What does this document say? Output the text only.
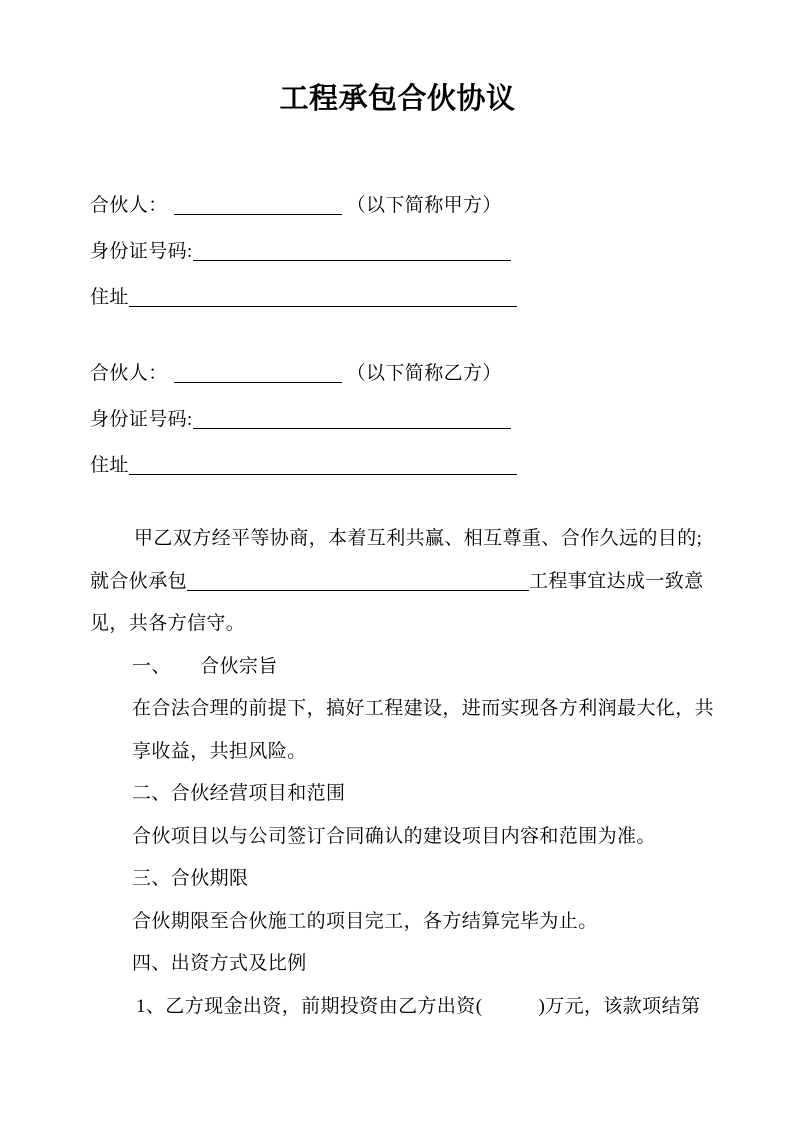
工程承包合伙协议
合伙人：	（以下简称甲方）
身份证号码:
住址
合伙人：	（以下简称乙方）
身份证号码:
住址

甲乙双方经平等协商，本着互利共赢、相互尊重、合作久远的目的;

就合伙承包	工程事宜达成一致意

见，共各方信守。

一、　　合伙宗旨

在合法合理的前提下，搞好工程建设，进而实现各方利润最大化，共

享收益，共担风险。

二、合伙经营项目和范围

合伙项目以与公司签订合同确认的建设项目内容和范围为准。

三、合伙期限

合伙期限至合伙施工的项目完工，各方结算完毕为止。

四、出资方式及比例

1、乙方现金出资，前期投资由乙方出资(	)万元，该款项结第
